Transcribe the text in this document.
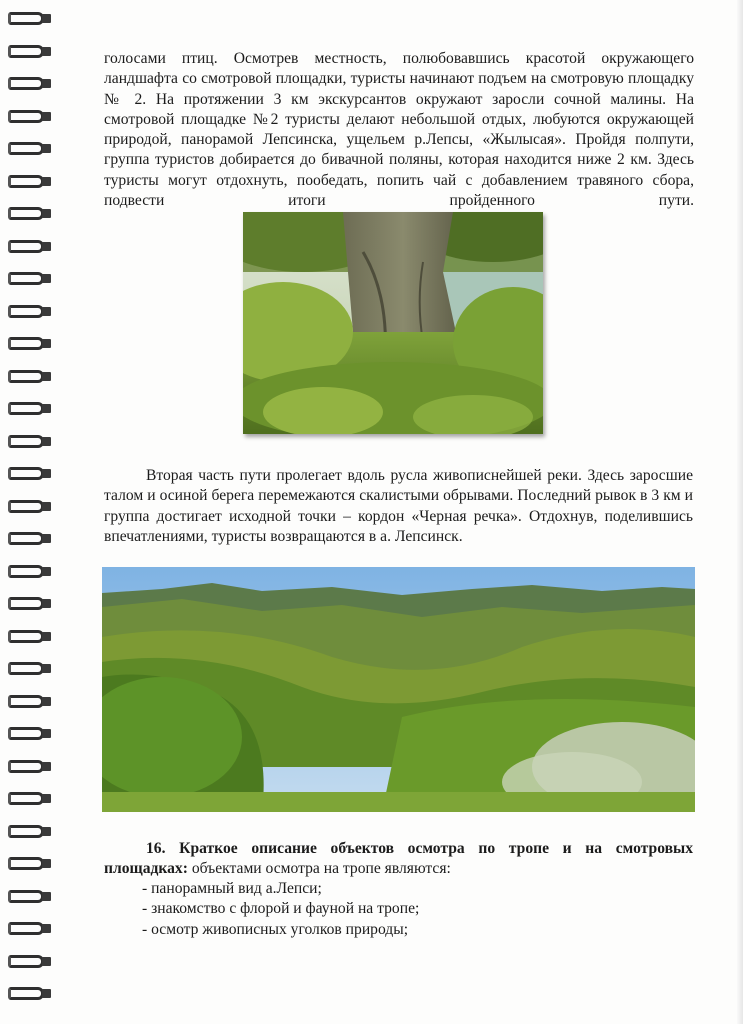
голосами птиц. Осмотрев местность, полюбовавшись красотой окружающего ландшафта со смотровой площадки, туристы начинают подъем на смотровую площадку № 2. На протяжении 3 км экскурсантов окружают заросли сочной малины. На смотровой площадке №2 туристы делают небольшой отдых, любуются окружающей природой, панорамой Лепсинска, ущельем р.Лепсы, «Жылысая». Пройдя полпути, группа туристов добирается до бивачной поляны, которая находится ниже 2 км. Здесь туристы могут отдохнуть, пообедать, попить чай с добавлением травяного сбора, подвести итоги пройденного пути.

Вторая часть пути пролегает вдоль русла живописнейшей реки. Здесь заросшие талом и осиной берега перемежаются скалистыми обрывами. Последний рывок в 3 км и группа достигает исходной точки – кордон «Черная речка». Отдохнув, поделившись впечатлениями, туристы возвращаются в а. Лепсинск.

16. Краткое описание объектов осмотра по тропе и на смотровых площадках: объектами осмотра на тропе являются:

- панорамный вид а.Лепси;
- знакомство с флорой и фауной на тропе;
- осмотр живописных уголков природы;
